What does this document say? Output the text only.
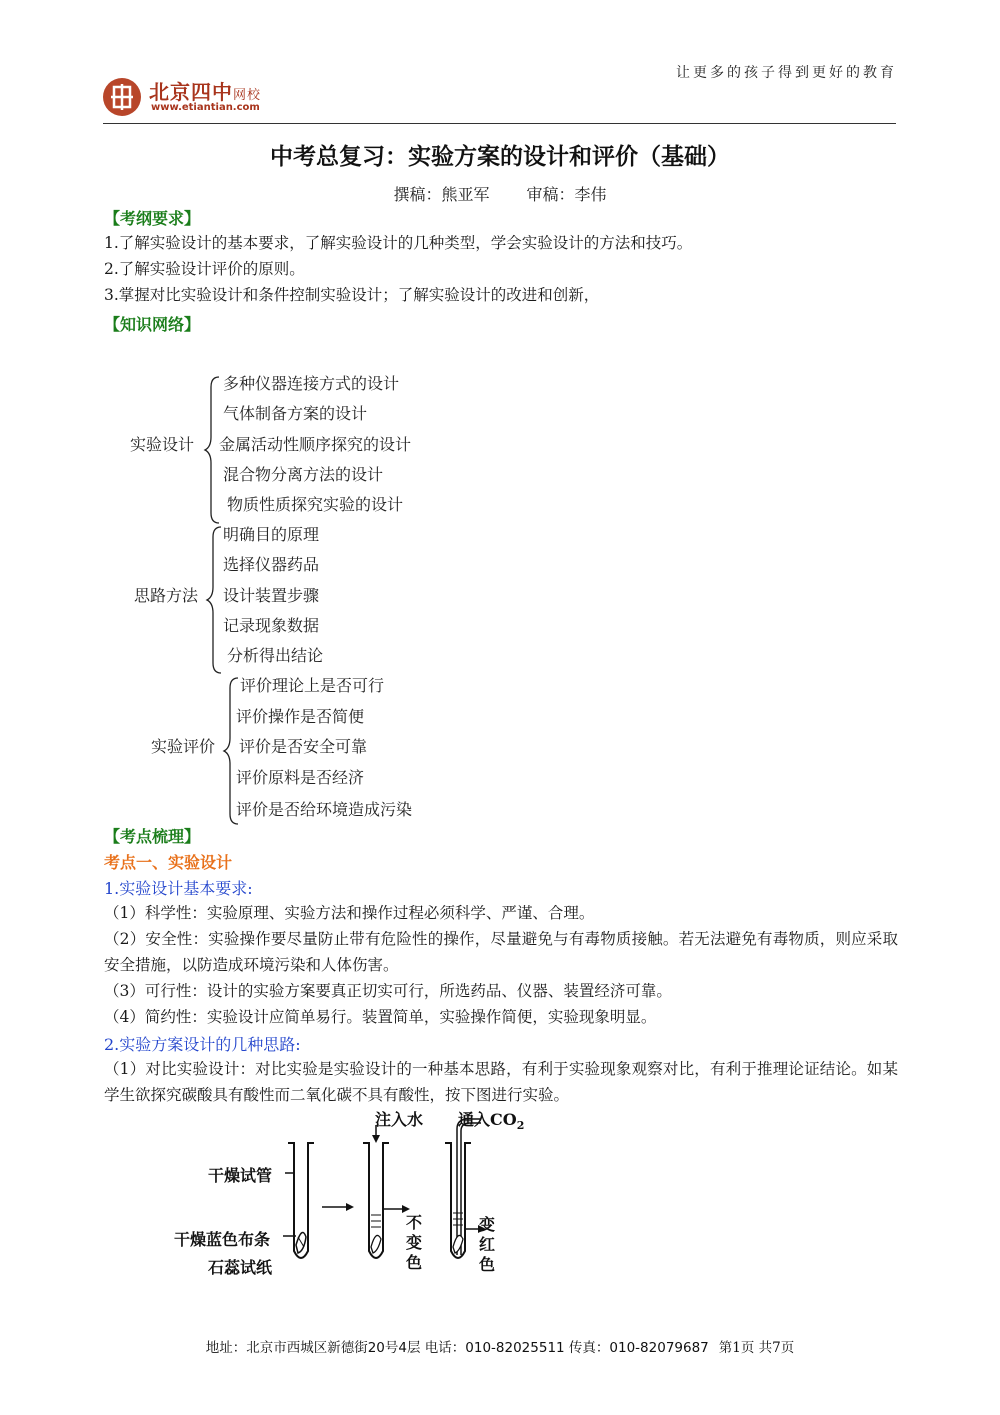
让更多的孩子得到更好的教育
北京四中网校
www.etiantian.com
中考总复习：实验方案的设计和评价（基础）
撰稿：熊亚军 审稿：李伟
【考纲要求】
1.了解实验设计的基本要求，了解实验设计的几种类型，学会实验设计的方法和技巧。
2.了解实验设计评价的原则。
3.掌握对比实验设计和条件控制实验设计；了解实验设计的改进和创新，
【知识网络】
实验设计
多种仪器连接方式的设计
气体制备方案的设计
金属活动性顺序探究的设计
混合物分离方法的设计
物质性质探究实验的设计
思路方法
明确目的原理
选择仪器药品
设计装置步骤
记录现象数据
分析得出结论
实验评价
评价理论上是否可行
评价操作是否简便
评价是否安全可靠
评价原料是否经济
评价是否给环境造成污染
【考点梳理】
考点一、实验设计
1.实验设计基本要求:
（1）科学性：实验原理、实验方法和操作过程必须科学、严谨、合理。
（2）安全性：实验操作要尽量防止带有危险性的操作，尽量避免与有毒物质接触。若无法避免有毒物质，则应采取安全措施，以防造成环境污染和人体伤害。
（3）可行性：设计的实验方案要真正切实可行，所选药品、仪器、装置经济可靠。
（4）简约性：实验设计应简单易行。装置简单，实验操作简便，实验现象明显。
2.实验方案设计的几种思路:
（1）对比实验设计：对比实验是实验设计的一种基本思路，有利于实验现象观察对比，有利于推理论证结论。如某学生欲探究碳酸具有酸性而二氧化碳不具有酸性，按下图进行实验。
干燥试管
干燥蓝色布条
石蕊试纸
注入水 通入$CO_2$
不
变
色
变
红
色
地址：北京市西城区新德街20号4层 电话：010-82025511 传真：010-82079687 第1页 共7页
